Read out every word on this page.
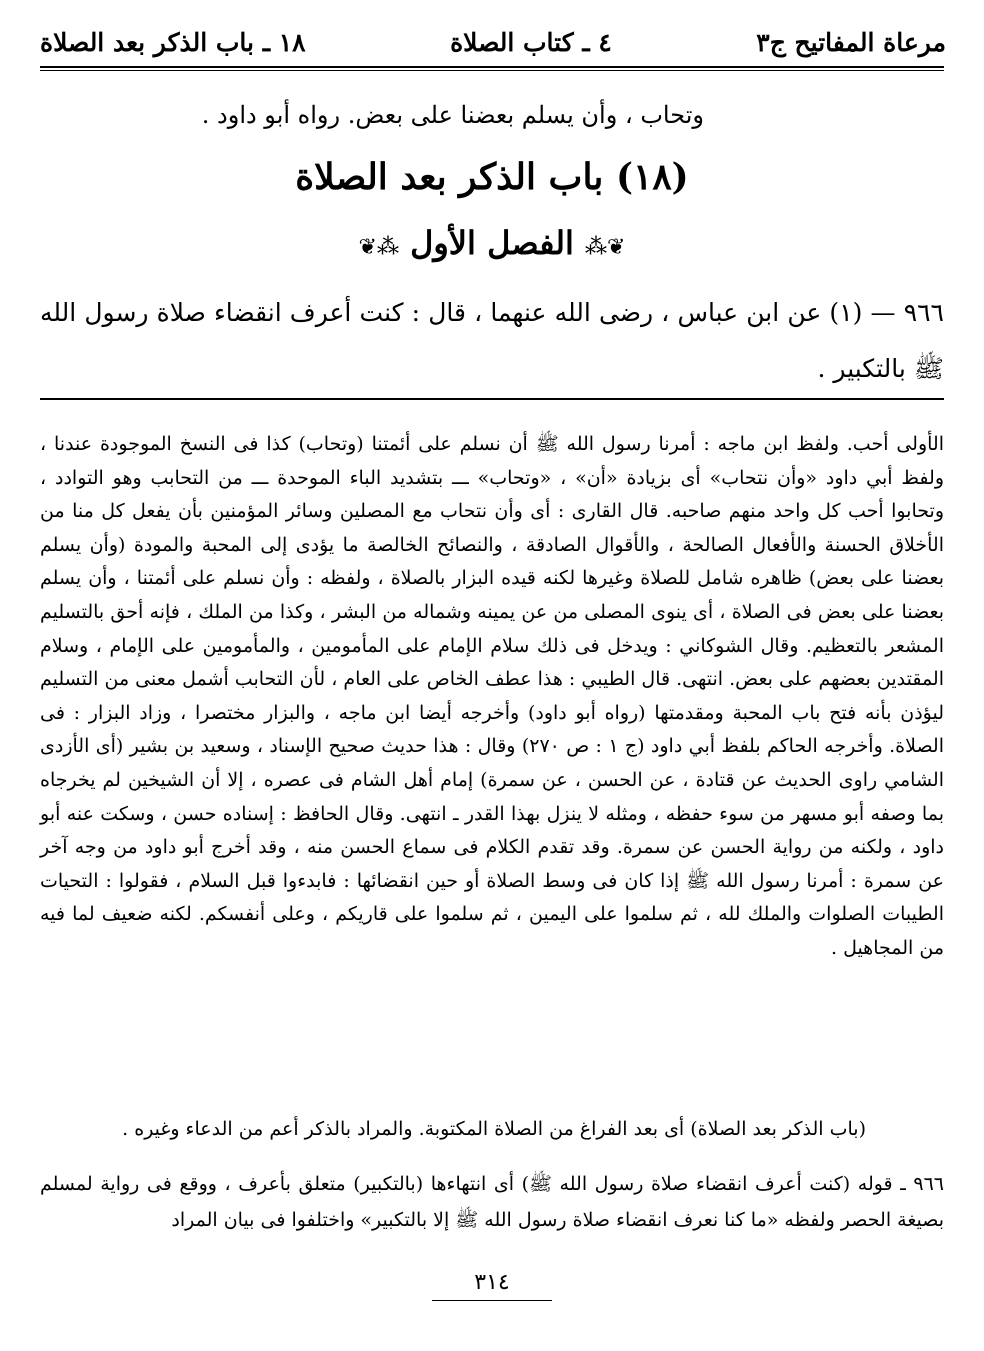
مرعاة المفاتيح ج٣
٤ ـ كتاب الصلاة
١٨ ـ باب الذكر بعد الصلاة
وتحاب ، وأن يسلم بعضنا على بعض. رواه أبو داود .
(١٨) باب الذكر بعد الصلاة
❦⁂ الفصل الأول ⁂❦
٩٦٦ — (١) عن ابن عباس ، رضى الله عنهما ، قال : كنت أعرف انقضاء صلاة رسول الله ﷺ بالتكبير .
الأولى أحب. ولفظ ابن ماجه : أمرنا رسول الله ﷺ أن نسلم على أئمتنا (وتحاب) كذا فى النسخ الموجودة عندنا ، ولفظ أبي داود «وأن نتحاب» أى بزيادة «أن» ، «وتحاب» ـــ بتشديد الباء الموحدة ـــ من التحابب وهو التوادد ، وتحابوا أحب كل واحد منهم صاحبه. قال القارى : أى وأن نتحاب مع المصلين وسائر المؤمنين بأن يفعل كل منا من الأخلاق الحسنة والأفعال الصالحة ، والأقوال الصادقة ، والنصائح الخالصة ما يؤدى إلى المحبة والمودة (وأن يسلم بعضنا على بعض) ظاهره شامل للصلاة وغيرها لكنه قيده البزار بالصلاة ، ولفظه : وأن نسلم على أئمتنا ، وأن يسلم بعضنا على بعض فى الصلاة ، أى ينوى المصلى من عن يمينه وشماله من البشر ، وكذا من الملك ، فإنه أحق بالتسليم المشعر بالتعظيم. وقال الشوكاني : ويدخل فى ذلك سلام الإمام على المأمومين ، والمأمومين على الإمام ، وسلام المقتدين بعضهم على بعض. انتهى. قال الطيبي : هذا عطف الخاص على العام ، لأن التحابب أشمل معنى من التسليم ليؤذن بأنه فتح باب المحبة ومقدمتها (رواه أبو داود) وأخرجه أيضا ابن ماجه ، والبزار مختصرا ، وزاد البزار : فى الصلاة. وأخرجه الحاكم بلفظ أبي داود (ج ١ : ص ٢٧٠) وقال : هذا حديث صحيح الإسناد ، وسعيد بن بشير (أى الأزدى الشامي راوى الحديث عن قتادة ، عن الحسن ، عن سمرة) إمام أهل الشام فى عصره ، إلا أن الشيخين لم يخرجاه بما وصفه أبو مسهر من سوء حفظه ، ومثله لا ينزل بهذا القدر ـ انتهى. وقال الحافظ : إسناده حسن ، وسكت عنه أبو داود ، ولكنه من رواية الحسن عن سمرة. وقد تقدم الكلام فى سماع الحسن منه ، وقد أخرج أبو داود من وجه آخر عن سمرة : أمرنا رسول الله ﷺ إذا كان فى وسط الصلاة أو حين انقضائها : فابدءوا قبل السلام ، فقولوا : التحيات الطيبات الصلوات والملك لله ، ثم سلموا على اليمين ، ثم سلموا على قاريكم ، وعلى أنفسكم. لكنه ضعيف لما فيه من المجاهيل .
(باب الذكر بعد الصلاة) أى بعد الفراغ من الصلاة المكتوبة. والمراد بالذكر أعم من الدعاء وغيره .
٩٦٦ ـ قوله (كنت أعرف انقضاء صلاة رسول الله ﷺ) أى انتهاءها (بالتكبير) متعلق بأعرف ، ووقع فى رواية لمسلم بصيغة الحصر ولفظه «ما كنا نعرف انقضاء صلاة رسول الله ﷺ إلا بالتكبير» واختلفوا فى بيان المراد
٣١٤
